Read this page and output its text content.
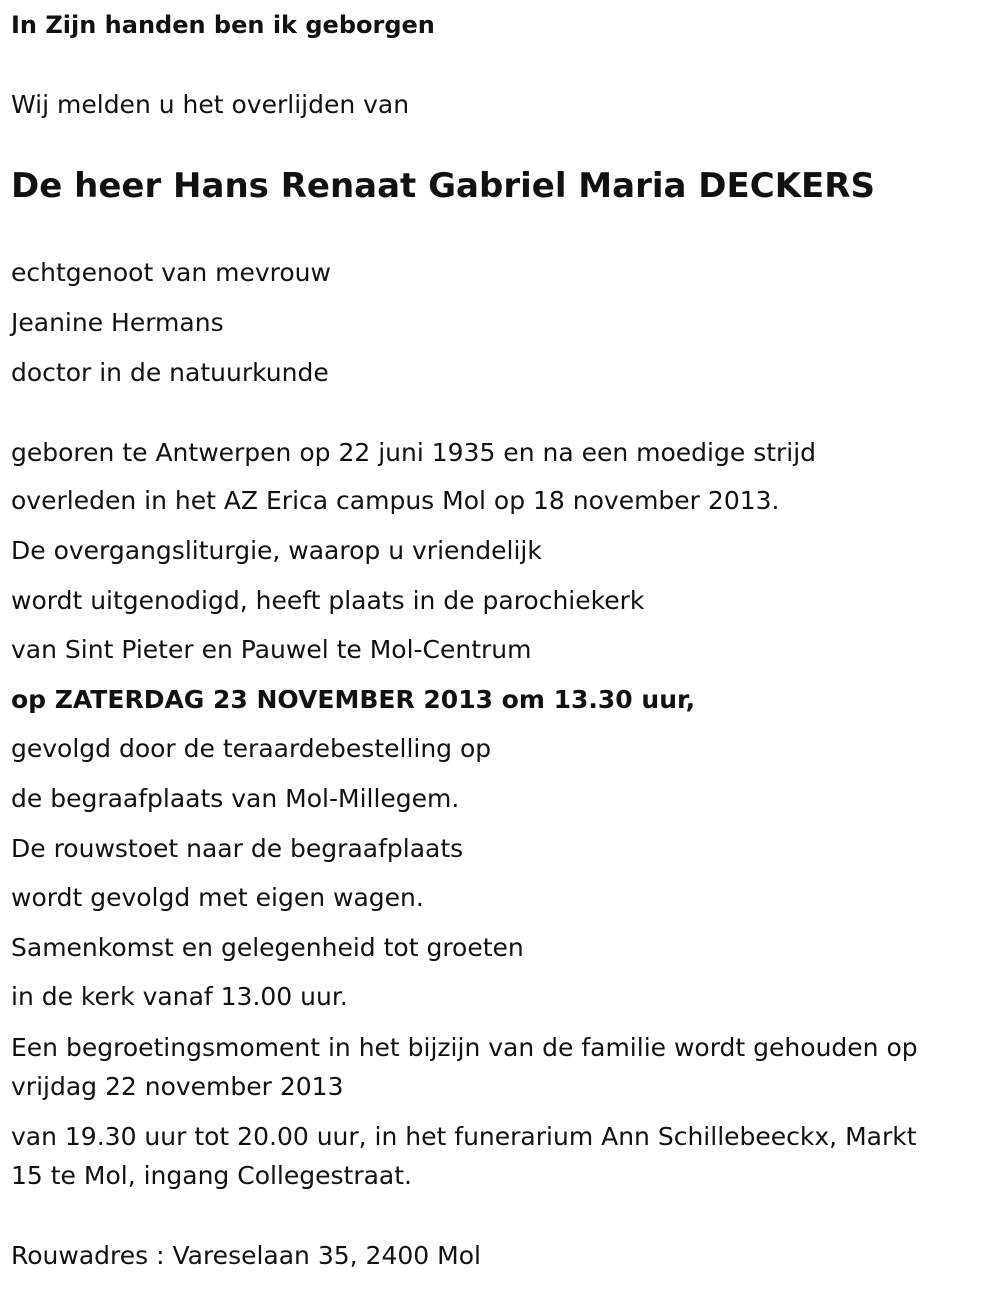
In Zijn handen ben ik geborgen
Wij melden u het overlijden van
De heer Hans Renaat Gabriel Maria DECKERS
echtgenoot van mevrouw
Jeanine Hermans
doctor in de natuurkunde
geboren te Antwerpen op 22 juni 1935 en na een moedige strijd
overleden in het AZ Erica campus Mol op 18 november 2013.
De overgangsliturgie, waarop u vriendelijk
wordt uitgenodigd, heeft plaats in de parochiekerk
van Sint Pieter en Pauwel te Mol-Centrum
op ZATERDAG 23 NOVEMBER 2013 om 13.30 uur,
gevolgd door de teraardebestelling op
de begraafplaats van Mol-Millegem.
De rouwstoet naar de begraafplaats
wordt gevolgd met eigen wagen.
Samenkomst en gelegenheid tot groeten
in de kerk vanaf 13.00 uur.
Een begroetingsmoment in het bijzijn van de familie wordt gehouden op
vrijdag 22 november 2013
van 19.30 uur tot 20.00 uur, in het funerarium Ann Schillebeeckx, Markt
15 te Mol, ingang Collegestraat.
Rouwadres : Vareselaan 35, 2400 Mol
